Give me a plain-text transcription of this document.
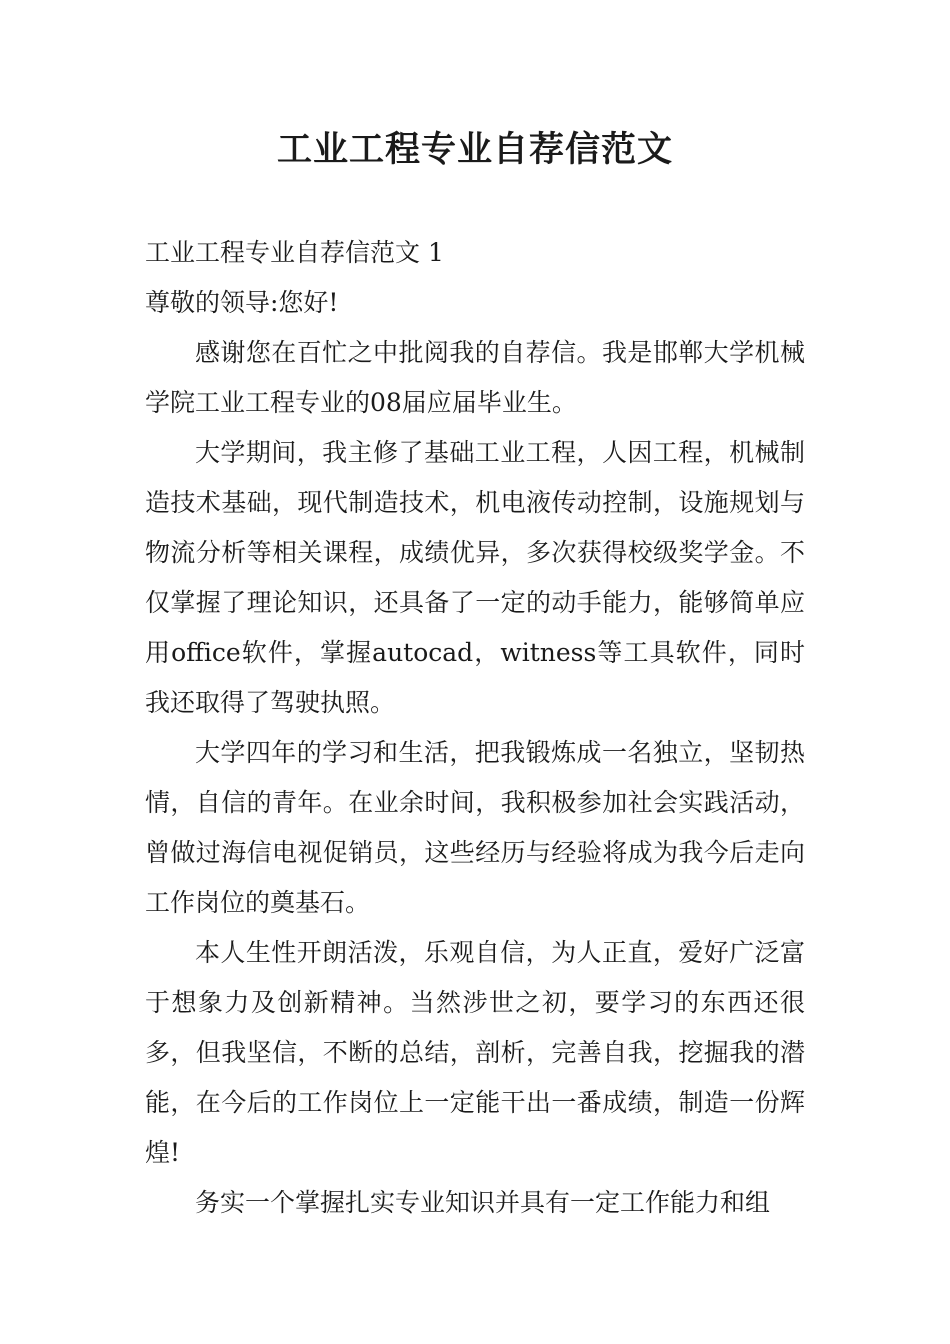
工业工程专业自荐信范文

工业工程专业自荐信范文 1

尊敬的领导:您好!

感谢您在百忙之中批阅我的自荐信。我是邯郸大学机械学院工业工程专业的08届应届毕业生。

大学期间，我主修了基础工业工程，人因工程，机械制造技术基础，现代制造技术，机电液传动控制，设施规划与物流分析等相关课程，成绩优异，多次获得校级奖学金。不仅掌握了理论知识，还具备了一定的动手能力，能够简单应用office软件，掌握autocad，witness等工具软件，同时我还取得了驾驶执照。

大学四年的学习和生活，把我锻炼成一名独立，坚韧热情，自信的青年。在业余时间，我积极参加社会实践活动，曾做过海信电视促销员，这些经历与经验将成为我今后走向工作岗位的奠基石。

本人生性开朗活泼，乐观自信，为人正直，爱好广泛富于想象力及创新精神。当然涉世之初，要学习的东西还很多，但我坚信，不断的总结，剖析，完善自我，挖掘我的潜能，在今后的工作岗位上一定能干出一番成绩，制造一份辉煌!

务实一个掌握扎实专业知识并具有一定工作能力和组
